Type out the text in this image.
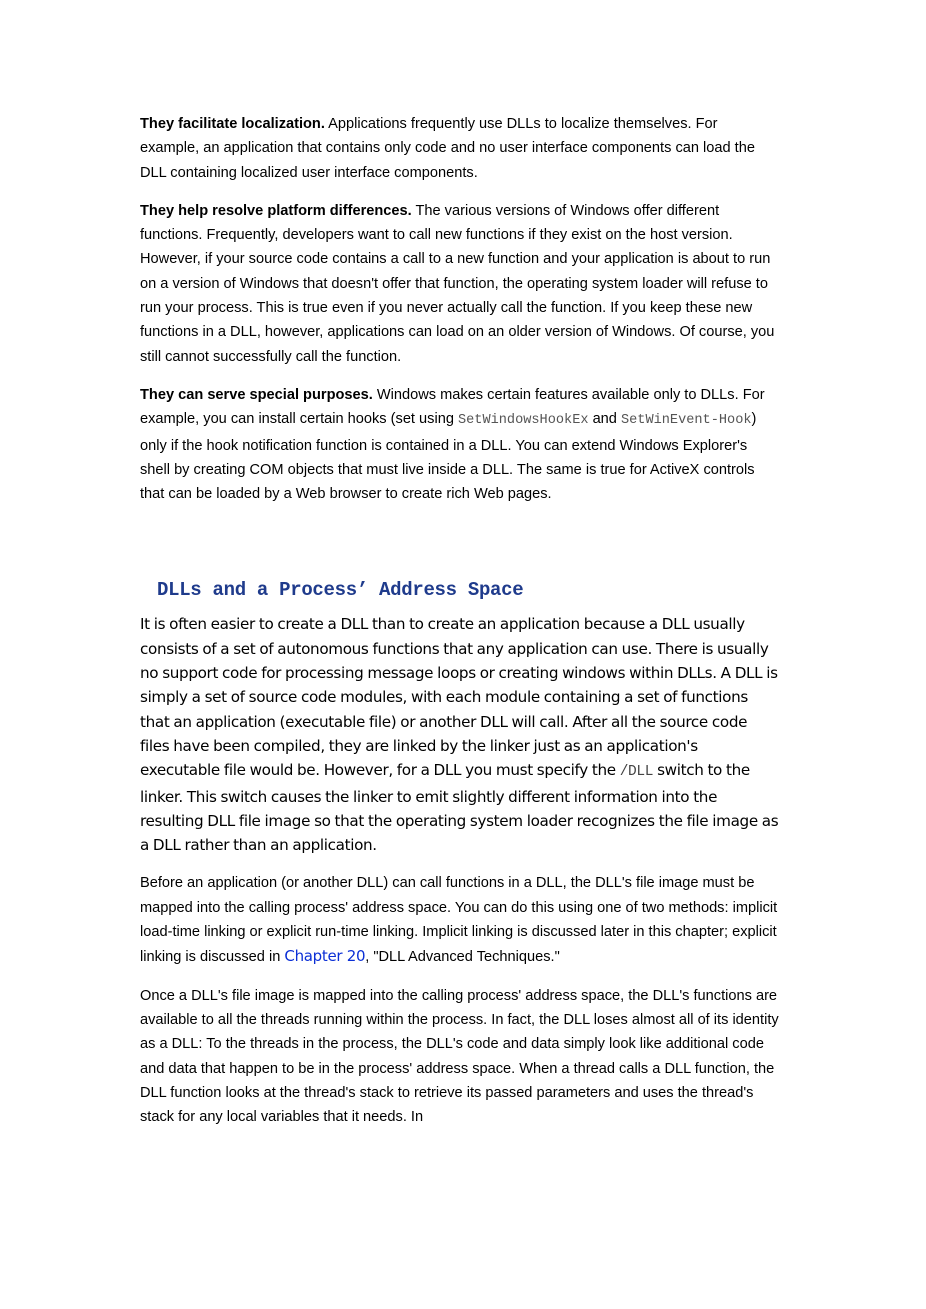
They facilitate localization. Applications frequently use DLLs to localize themselves. For example, an application that contains only code and no user interface components can load the DLL containing localized user interface components.

They help resolve platform differences. The various versions of Windows offer different functions. Frequently, developers want to call new functions if they exist on the host version. However, if your source code contains a call to a new function and your application is about to run on a version of Windows that doesn't offer that function, the operating system loader will refuse to run your process. This is true even if you never actually call the function. If you keep these new functions in a DLL, however, applications can load on an older version of Windows. Of course, you still cannot successfully call the function.

They can serve special purposes. Windows makes certain features available only to DLLs. For example, you can install certain hooks (set using SetWindowsHookEx and SetWinEvent-Hook) only if the hook notification function is contained in a DLL. You can extend Windows Explorer's shell by creating COM objects that must live inside a DLL. The same is true for ActiveX controls that can be loaded by a Web browser to create rich Web pages.

DLLs and a Process’ Address Space

It is often easier to create a DLL than to create an application because a DLL usually consists of a set of autonomous functions that any application can use. There is usually no support code for processing message loops or creating windows within DLLs. A DLL is simply a set of source code modules, with each module containing a set of functions that an application (executable file) or another DLL will call. After all the source code files have been compiled, they are linked by the linker just as an application's executable file would be. However, for a DLL you must specify the /DLL switch to the linker. This switch causes the linker to emit slightly different information into the resulting DLL file image so that the operating system loader recognizes the file image as a DLL rather than an application.

Before an application (or another DLL) can call functions in a DLL, the DLL's file image must be mapped into the calling process' address space. You can do this using one of two methods: implicit load-time linking or explicit run-time linking. Implicit linking is discussed later in this chapter; explicit linking is discussed in Chapter 20, "DLL Advanced Techniques."

Once a DLL's file image is mapped into the calling process' address space, the DLL's functions are available to all the threads running within the process. In fact, the DLL loses almost all of its identity as a DLL: To the threads in the process, the DLL's code and data simply look like additional code and data that happen to be in the process' address space. When a thread calls a DLL function, the DLL function looks at the thread's stack to retrieve its passed parameters and uses the thread's stack for any local variables that it needs. In
